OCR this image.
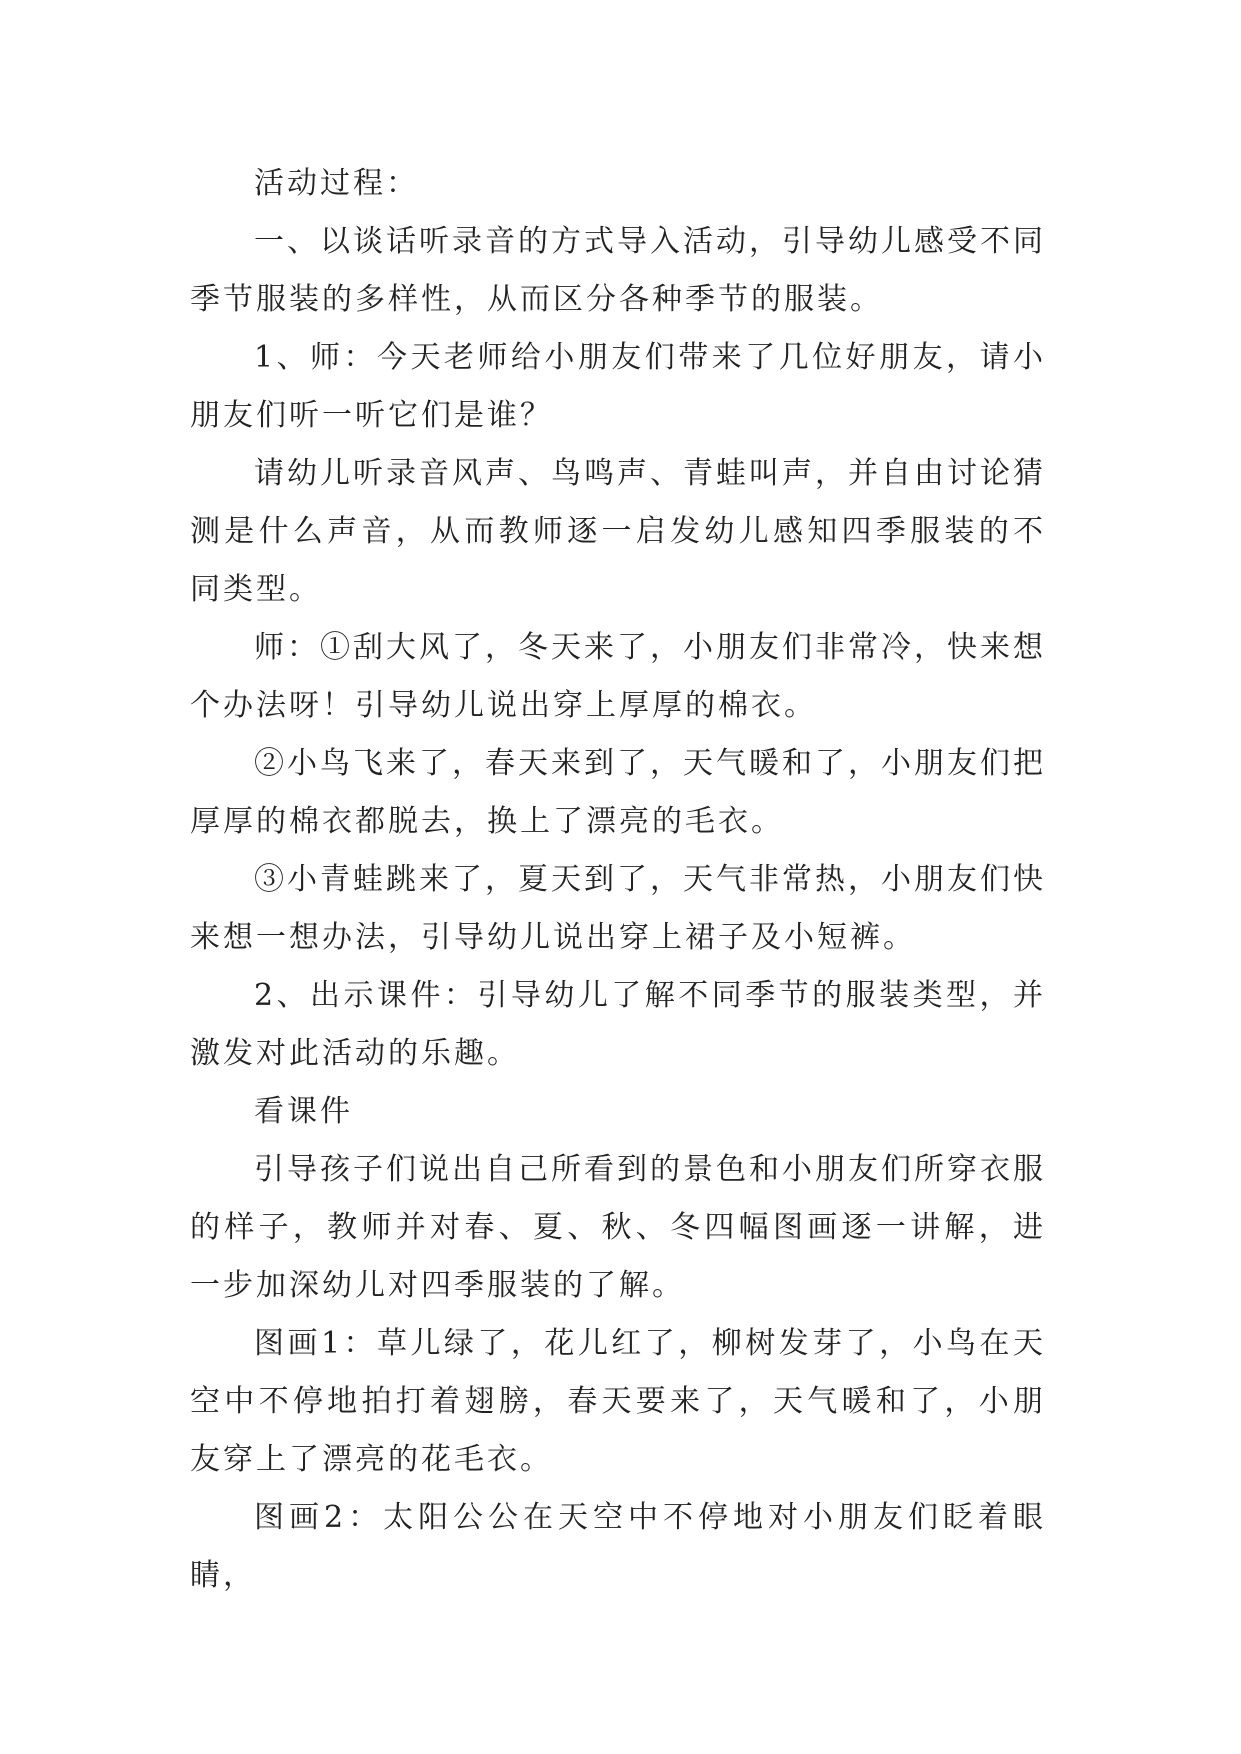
活动过程：

一、以谈话听录音的方式导入活动，引导幼儿感受不同季节服装的多样性，从而区分各种季节的服装。

1、师：今天老师给小朋友们带来了几位好朋友，请小朋友们听一听它们是谁？

请幼儿听录音风声、鸟鸣声、青蛙叫声，并自由讨论猜测是什么声音，从而教师逐一启发幼儿感知四季服装的不同类型。

师：①刮大风了，冬天来了，小朋友们非常冷，快来想个办法呀！引导幼儿说出穿上厚厚的棉衣。

②小鸟飞来了，春天来到了，天气暖和了，小朋友们把厚厚的棉衣都脱去，换上了漂亮的毛衣。

③小青蛙跳来了，夏天到了，天气非常热，小朋友们快来想一想办法，引导幼儿说出穿上裙子及小短裤。

2、出示课件：引导幼儿了解不同季节的服装类型，并激发对此活动的乐趣。

看课件

引导孩子们说出自己所看到的景色和小朋友们所穿衣服的样子，教师并对春、夏、秋、冬四幅图画逐一讲解，进一步加深幼儿对四季服装的了解。

图画1：草儿绿了，花儿红了，柳树发芽了，小鸟在天空中不停地拍打着翅膀，春天要来了，天气暖和了，小朋友穿上了漂亮的花毛衣。

图画2：太阳公公在天空中不停地对小朋友们眨着眼睛，
